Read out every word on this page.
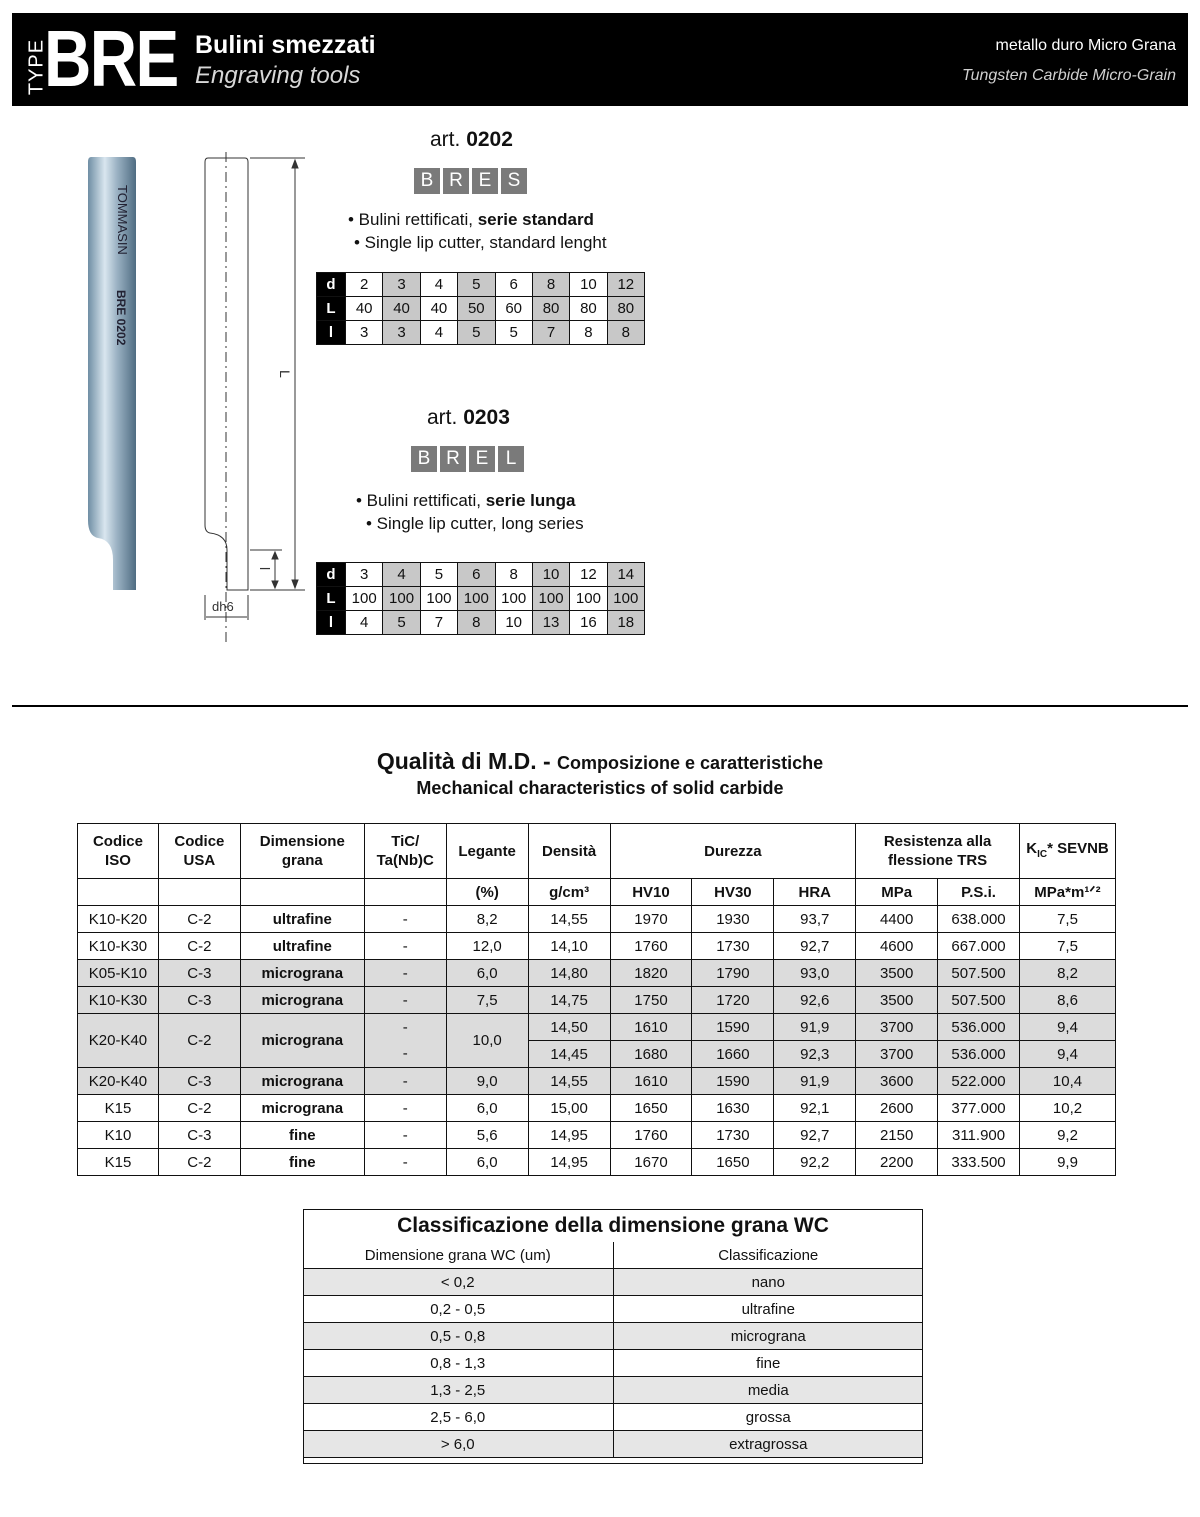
TYPE
BRE Bulini smezzati
Engraving tools
metallo duro Micro Grana
Tungsten Carbide Micro-Grain
TOMMASIN
BRE 0202
L
l
dh6
art. 0202
B R E S
• Bulini rettificati, serie standard
• Single lip cutter, standard lenght
d	2	3	4	5	6	8	10	12
L	40	40	40	50	60	80	80	80
l	3	3	4	5	5	7	8	8
art. 0203
B R E L
• Bulini rettificati, serie lunga
• Single lip cutter, long series
d	3	4	5	6	8	10	12	14
L	100	100	100	100	100	100	100	100
l	4	5	7	8	10	13	16	18
Qualità di M.D. - Composizione e caratteristiche
Mechanical characteristics of solid carbide
Codice ISO	Codice USA	Dimensione grana	TiC/ Ta(Nb)C	Legante	Densità	Durezza			Resistenza alla flessione TRS		$K_{IC}*$ SEVNB
				(%)	g/cm³	HV10	HV30	HRA	MPa	P.S.i.	MPa*m¹ᐟ²
K10-K20	C-2	ultrafine	-	8,2	14,55	1970	1930	93,7	4400	638.000	7,5
K10-K30	C-2	ultrafine	-	12,0	14,10	1760	1730	92,7	4600	667.000	7,5
K05-K10	C-3	micrograna	-	6,0	14,80	1820	1790	93,0	3500	507.500	8,2
K10-K30	C-3	micrograna	-	7,5	14,75	1750	1720	92,6	3500	507.500	8,6
K20-K40	C-2	micrograna	-	10,0	14,50	1610	1590	91,9	3700	536.000	9,4
			-		14,45	1680	1660	92,3	3700	536.000	9,4
K20-K40	C-3	micrograna	-	9,0	14,55	1610	1590	91,9	3600	522.000	10,4
K15	C-2	micrograna	-	6,0	15,00	1650	1630	92,1	2600	377.000	10,2
K10	C-3	fine	-	5,6	14,95	1760	1730	92,7	2150	311.900	9,2
K15	C-2	fine	-	6,0	14,95	1670	1650	92,2	2200	333.500	9,9
Classificazione della dimensione grana WC	
Dimensione grana WC (um)	Classificazione
< 0,2	nano
0,2 - 0,5	ultrafine
0,5 - 0,8	micrograna
0,8 - 1,3	fine
1,3 - 2,5	media
2,5 - 6,0	grossa
> 6,0	extragrossa
